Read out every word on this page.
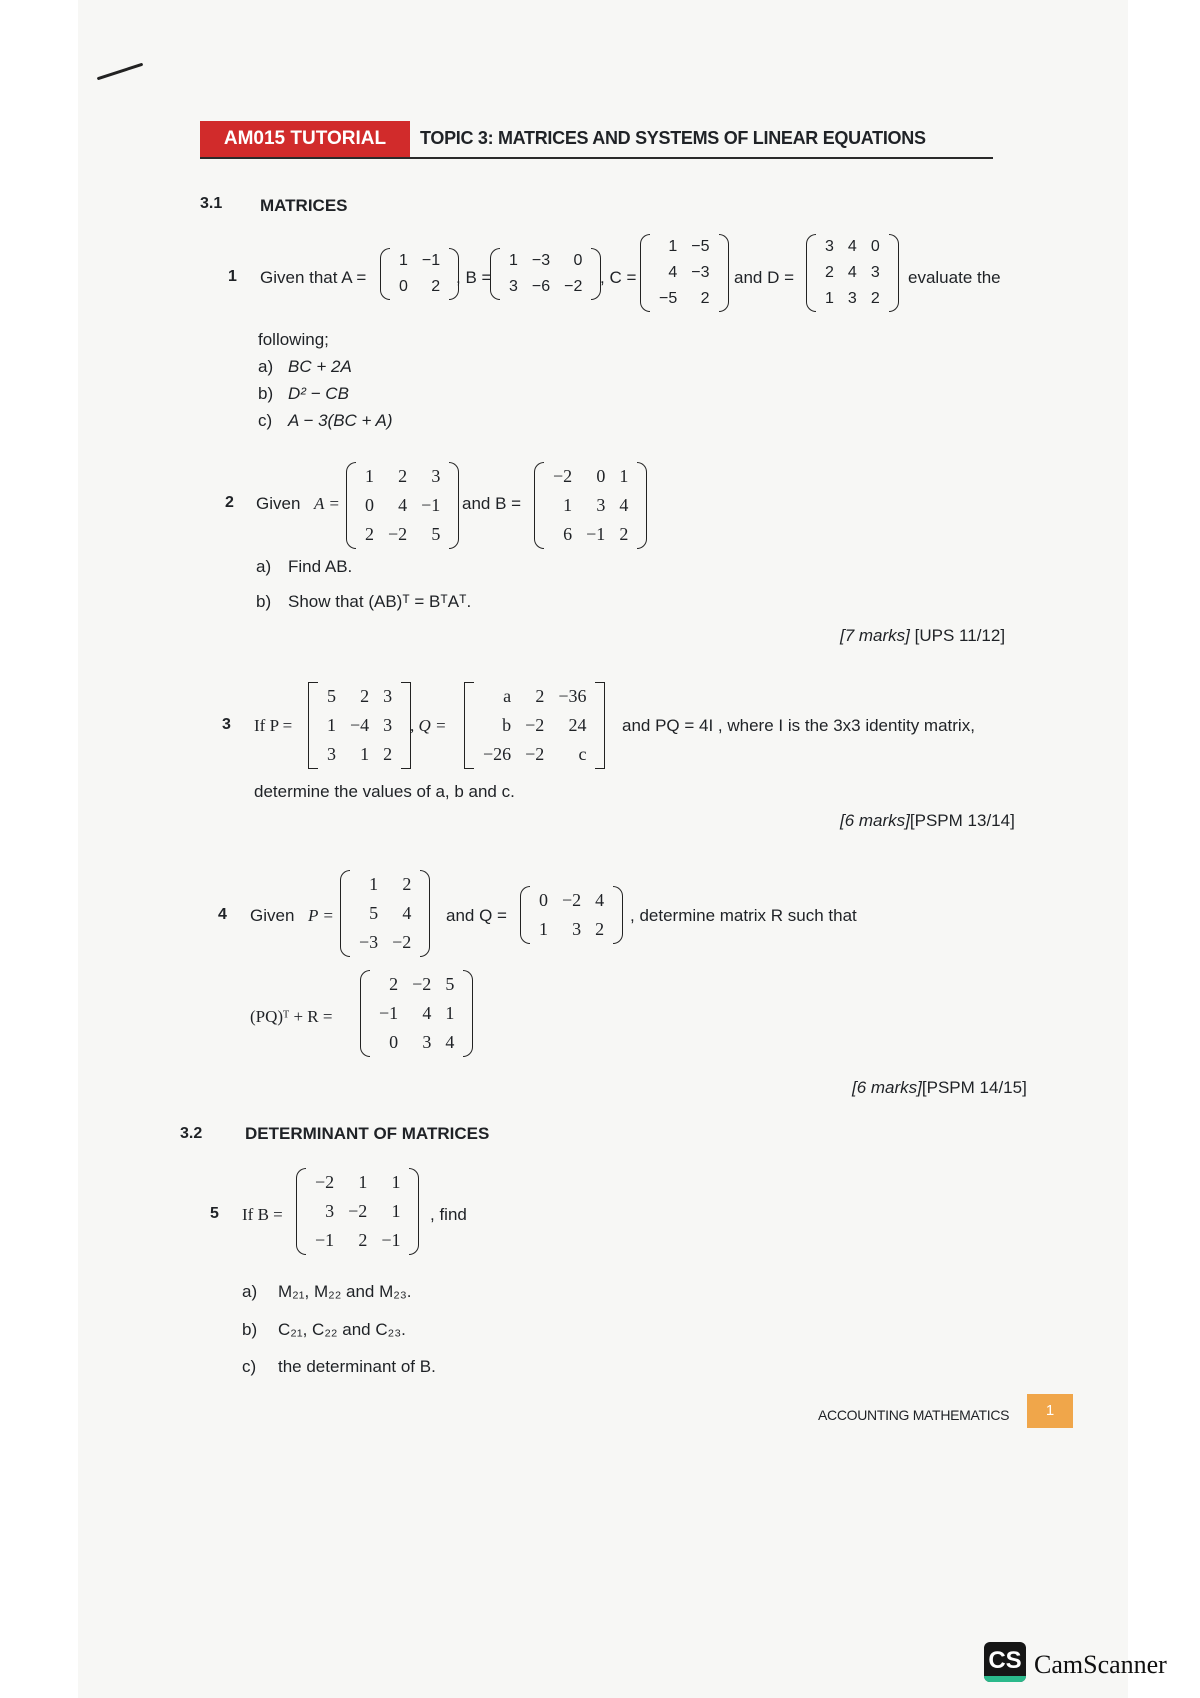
AM015 TUTORIAL	TOPIC 3: MATRICES AND SYSTEMS OF LINEAR EQUATIONS
3.1 MATRICES
1 Given that A =
1	−1
0	2 , B =
1	−3	0
3	−6	−2 , C =
1	−5
4	−3
−5	2
and D =
3	4	0
2	4	3
1	3	2
evaluate the
following;
a) BC + 2A
b) D² − CB
c) A − 3(BC + A)
2 Given A =
1	2	3
0	4	−1
2	−2	5
and B =
−2	0	1
1	3	4
6	−1	2
a) Find AB.
b) Show that (AB)ᵀ = BᵀAᵀ.
[7 marks] [UPS 11/12]
3 If P =
5	2	3
1	−4	3
3	1	2
, Q =
a	2	−36
b	−2	24
−26	−2	c
and PQ = 4I , where I is the 3x3 identity matrix,
determine the values of a, b and c.
[6 marks][PSPM 13/14]
4 Given P =
1	2
5	4
−3	−2
and Q =
0	−2	4
1	3	2
, determine matrix R such that
(PQ)ᵀ + R =
2	−2	5
−1	4	1
0	3	4
[6 marks][PSPM 14/15]
3.2	DETERMINANT OF MATRICES
5 If B =
−2	1	1
3	−2	1
−1	2	−1
, find
a) M₂₁, M₂₂ and M₂₃.
b) C₂₁, C₂₂ and C₂₃.
c) the determinant of B.
ACCOUNTING MATHEMATICS	1
CS CamScanner
